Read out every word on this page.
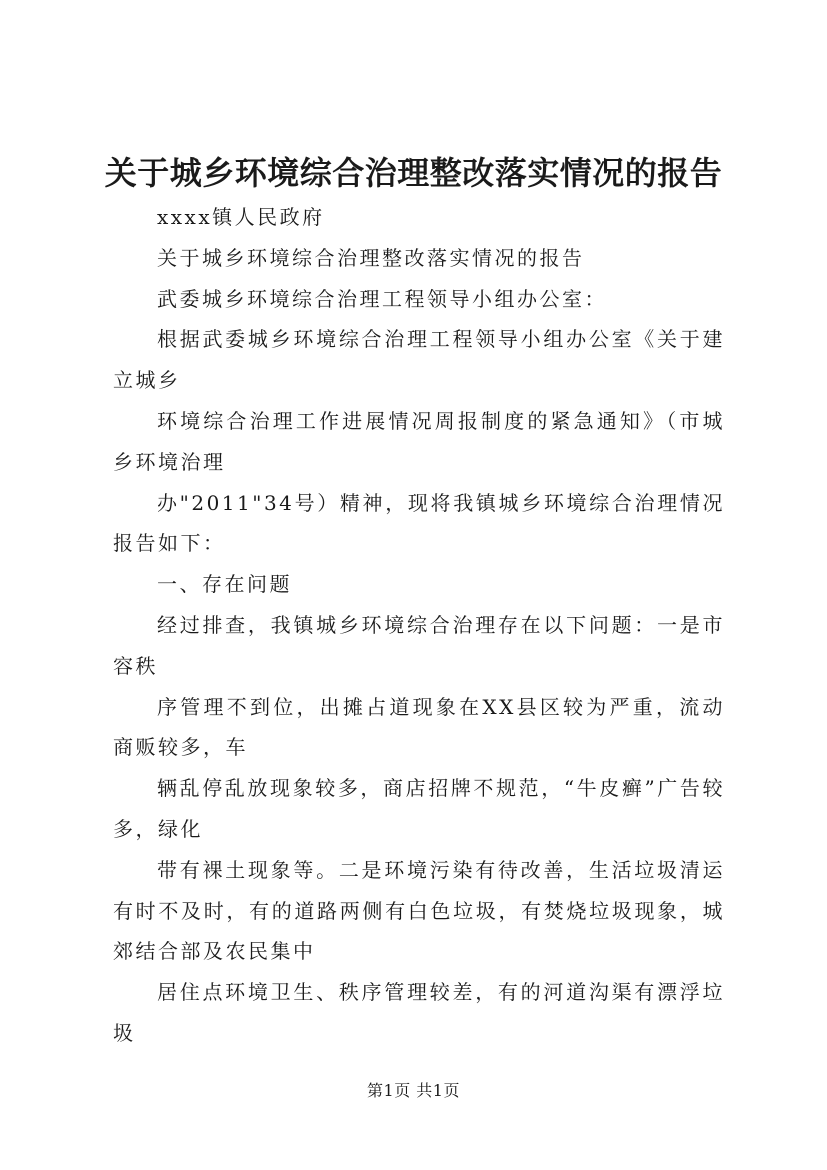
关于城乡环境综合治理整改落实情况的报告

xxxx镇人民政府

关于城乡环境综合治理整改落实情况的报告

武委城乡环境综合治理工程领导小组办公室：

根据武委城乡环境综合治理工程领导小组办公室《关于建立城乡

环境综合治理工作进展情况周报制度的紧急通知》（市城乡环境治理

办"2011"34号）精神，现将我镇城乡环境综合治理情况报告如下：

一、存在问题

经过排查，我镇城乡环境综合治理存在以下问题：一是市容秩

序管理不到位，出摊占道现象在XX县区较为严重，流动商贩较多，车

辆乱停乱放现象较多，商店招牌不规范，“牛皮癣”广告较多，绿化

带有裸土现象等。二是环境污染有待改善，生活垃圾清运有时不及时，有的道路两侧有白色垃圾，有焚烧垃圾现象，城郊结合部及农民集中

居住点环境卫生、秩序管理较差，有的河道沟渠有漂浮垃圾

第1页 共1页
